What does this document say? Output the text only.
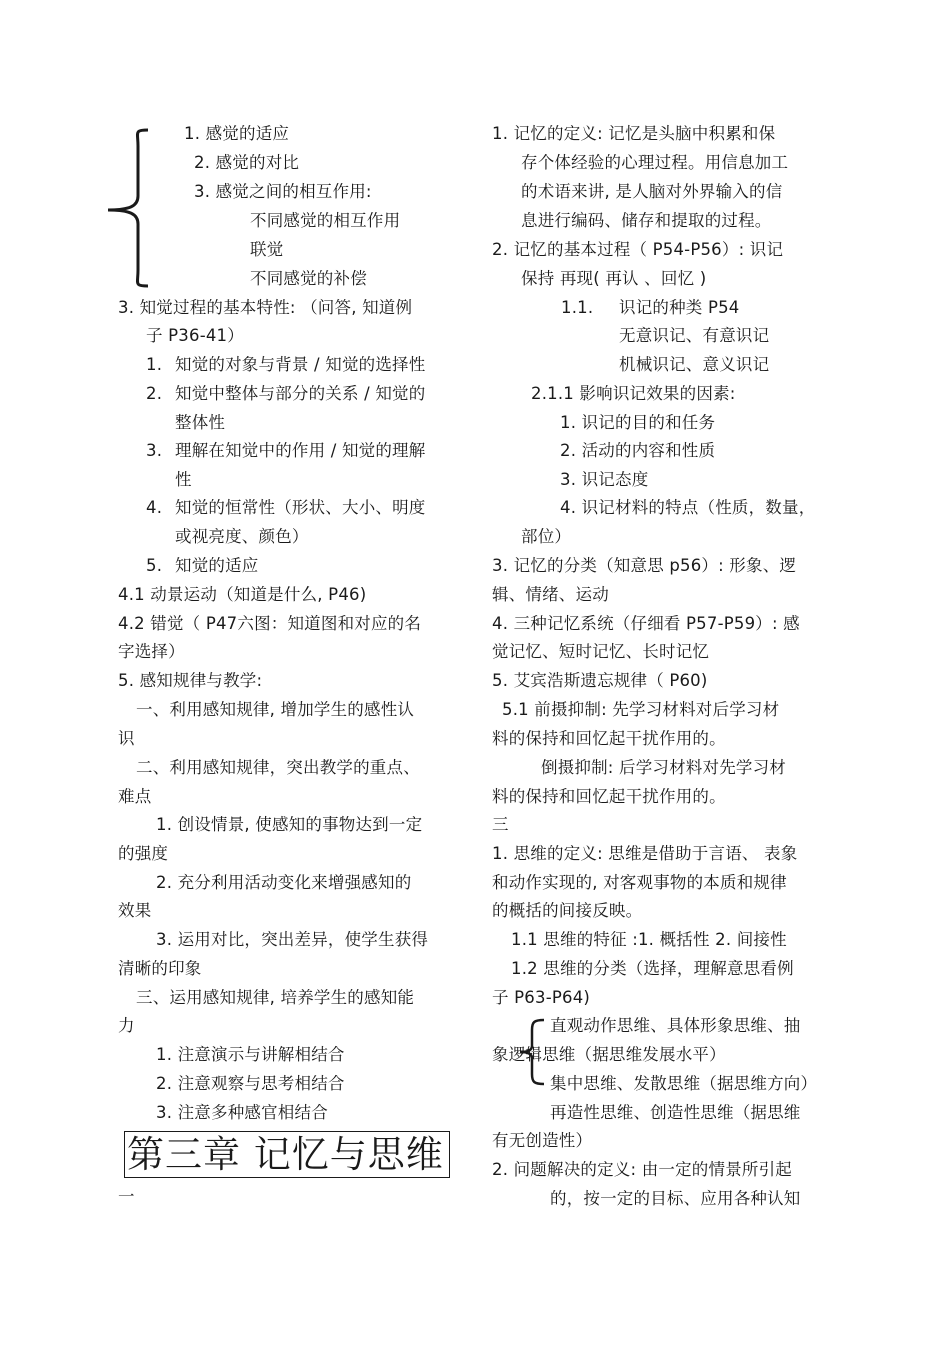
1. 感觉的适应
2. 感觉的对比
3. 感觉之间的相互作用:
不同感觉的相互作用
联觉
不同感觉的补偿
3. 知觉过程的基本特性: （问答, 知道例
子 P36-41）
1. 知觉的对象与背景 / 知觉的选择性
2. 知觉中整体与部分的关系 / 知觉的
整体性
3. 理解在知觉中的作用 / 知觉的理解
性
4. 知觉的恒常性（形状、大小、明度
或视亮度、颜色）
5. 知觉的适应
4.1 动景运动（知道是什么, P46)
4.2 错觉（ P47六图：知道图和对应的名
字选择）
5. 感知规律与教学:
一、利用感知规律, 增加学生的感性认
识
二、利用感知规律，突出教学的重点、
难点
1. 创设情景, 使感知的事物达到一定
的强度
2. 充分利用活动变化来增强感知的
效果
3. 运用对比，突出差异，使学生获得
清晰的印象
三、运用感知规律, 培养学生的感知能
力
1. 注意演示与讲解相结合
2. 注意观察与思考相结合
3. 注意多种感官相结合
第三章 记忆与思维
一
1. 记忆的定义: 记忆是头脑中积累和保
存个体经验的心理过程。用信息加工
的术语来讲, 是人脑对外界输入的信
息进行编码、储存和提取的过程。
2. 记忆的基本过程（ P54-P56）: 识记
保持 再现( 再认 、回忆 )
1.1. 识记的种类 P54
无意识记、有意识记
机械识记、意义识记
2.1.1 影响识记效果的因素:
1. 识记的目的和任务
2. 活动的内容和性质
3. 识记态度
4. 识记材料的特点（性质，数量，
部位）
3. 记忆的分类（知意思 p56）: 形象、逻
辑、情绪、运动
4. 三种记忆系统（仔细看 P57-P59）: 感
觉记忆、短时记忆、长时记忆
5. 艾宾浩斯遗忘规律（ P60)
5.1 前摄抑制: 先学习材料对后学习材
料的保持和回忆起干扰作用的。
倒摄抑制: 后学习材料对先学习材
料的保持和回忆起干扰作用的。
三
1. 思维的定义: 思维是借助于言语、 表象
和动作实现的, 对客观事物的本质和规律
的概括的间接反映。
1.1 思维的特征 :1. 概括性 2. 间接性
1.2 思维的分类（选择，理解意思看例
子 P63-P64)
直观动作思维、具体形象思维、抽
象逻辑思维（据思维发展水平）
集中思维、发散思维（据思维方向）
再造性思维、创造性思维（据思维
有无创造性）
2. 问题解决的定义: 由一定的情景所引起
的，按一定的目标、应用各种认知
